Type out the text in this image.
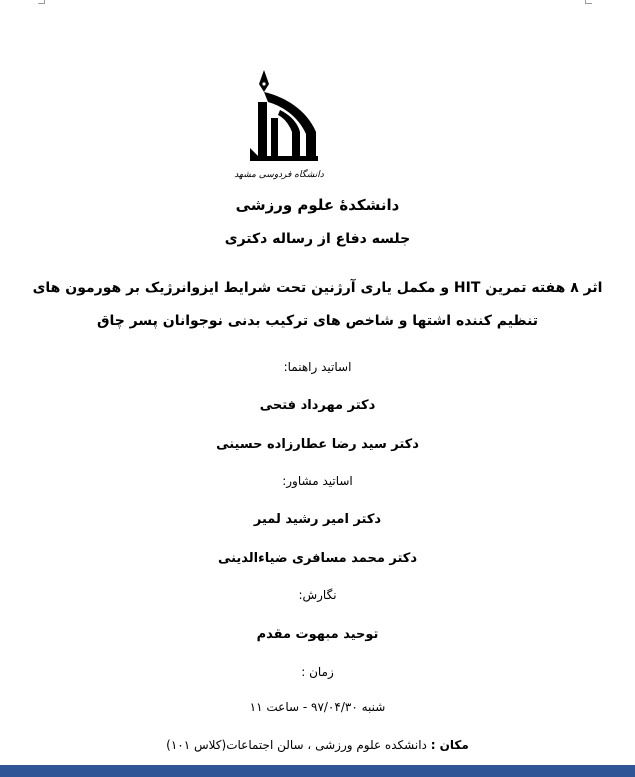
دانشگاه فردوسی مشهد
دانشکدهٔ علوم ورزشی
جلسه دفاع از رساله دکتری
اثر ۸ هفته تمرین HIT و مکمل یاری آرژنین تحت شرایط ایزوانرژیک بر هورمون های
تنظیم کننده اشتها و شاخص های ترکیب بدنی نوجوانان پسر چاق
اساتید راهنما:
دکتر مهرداد فتحی
دکتر سید رضا عطارزاده حسینی
اساتید مشاور:
دکتر امیر رشید لمیر
دکتر محمد مسافری ضیاءالدینی
نگارش:
توحید مبهوت مقدم
زمان :
شنبه ۹۷/۰۴/۳۰ - ساعت ۱۱
مکان : دانشکده علوم ورزشی ، سالن اجتماعات(کلاس ۱۰۱)
